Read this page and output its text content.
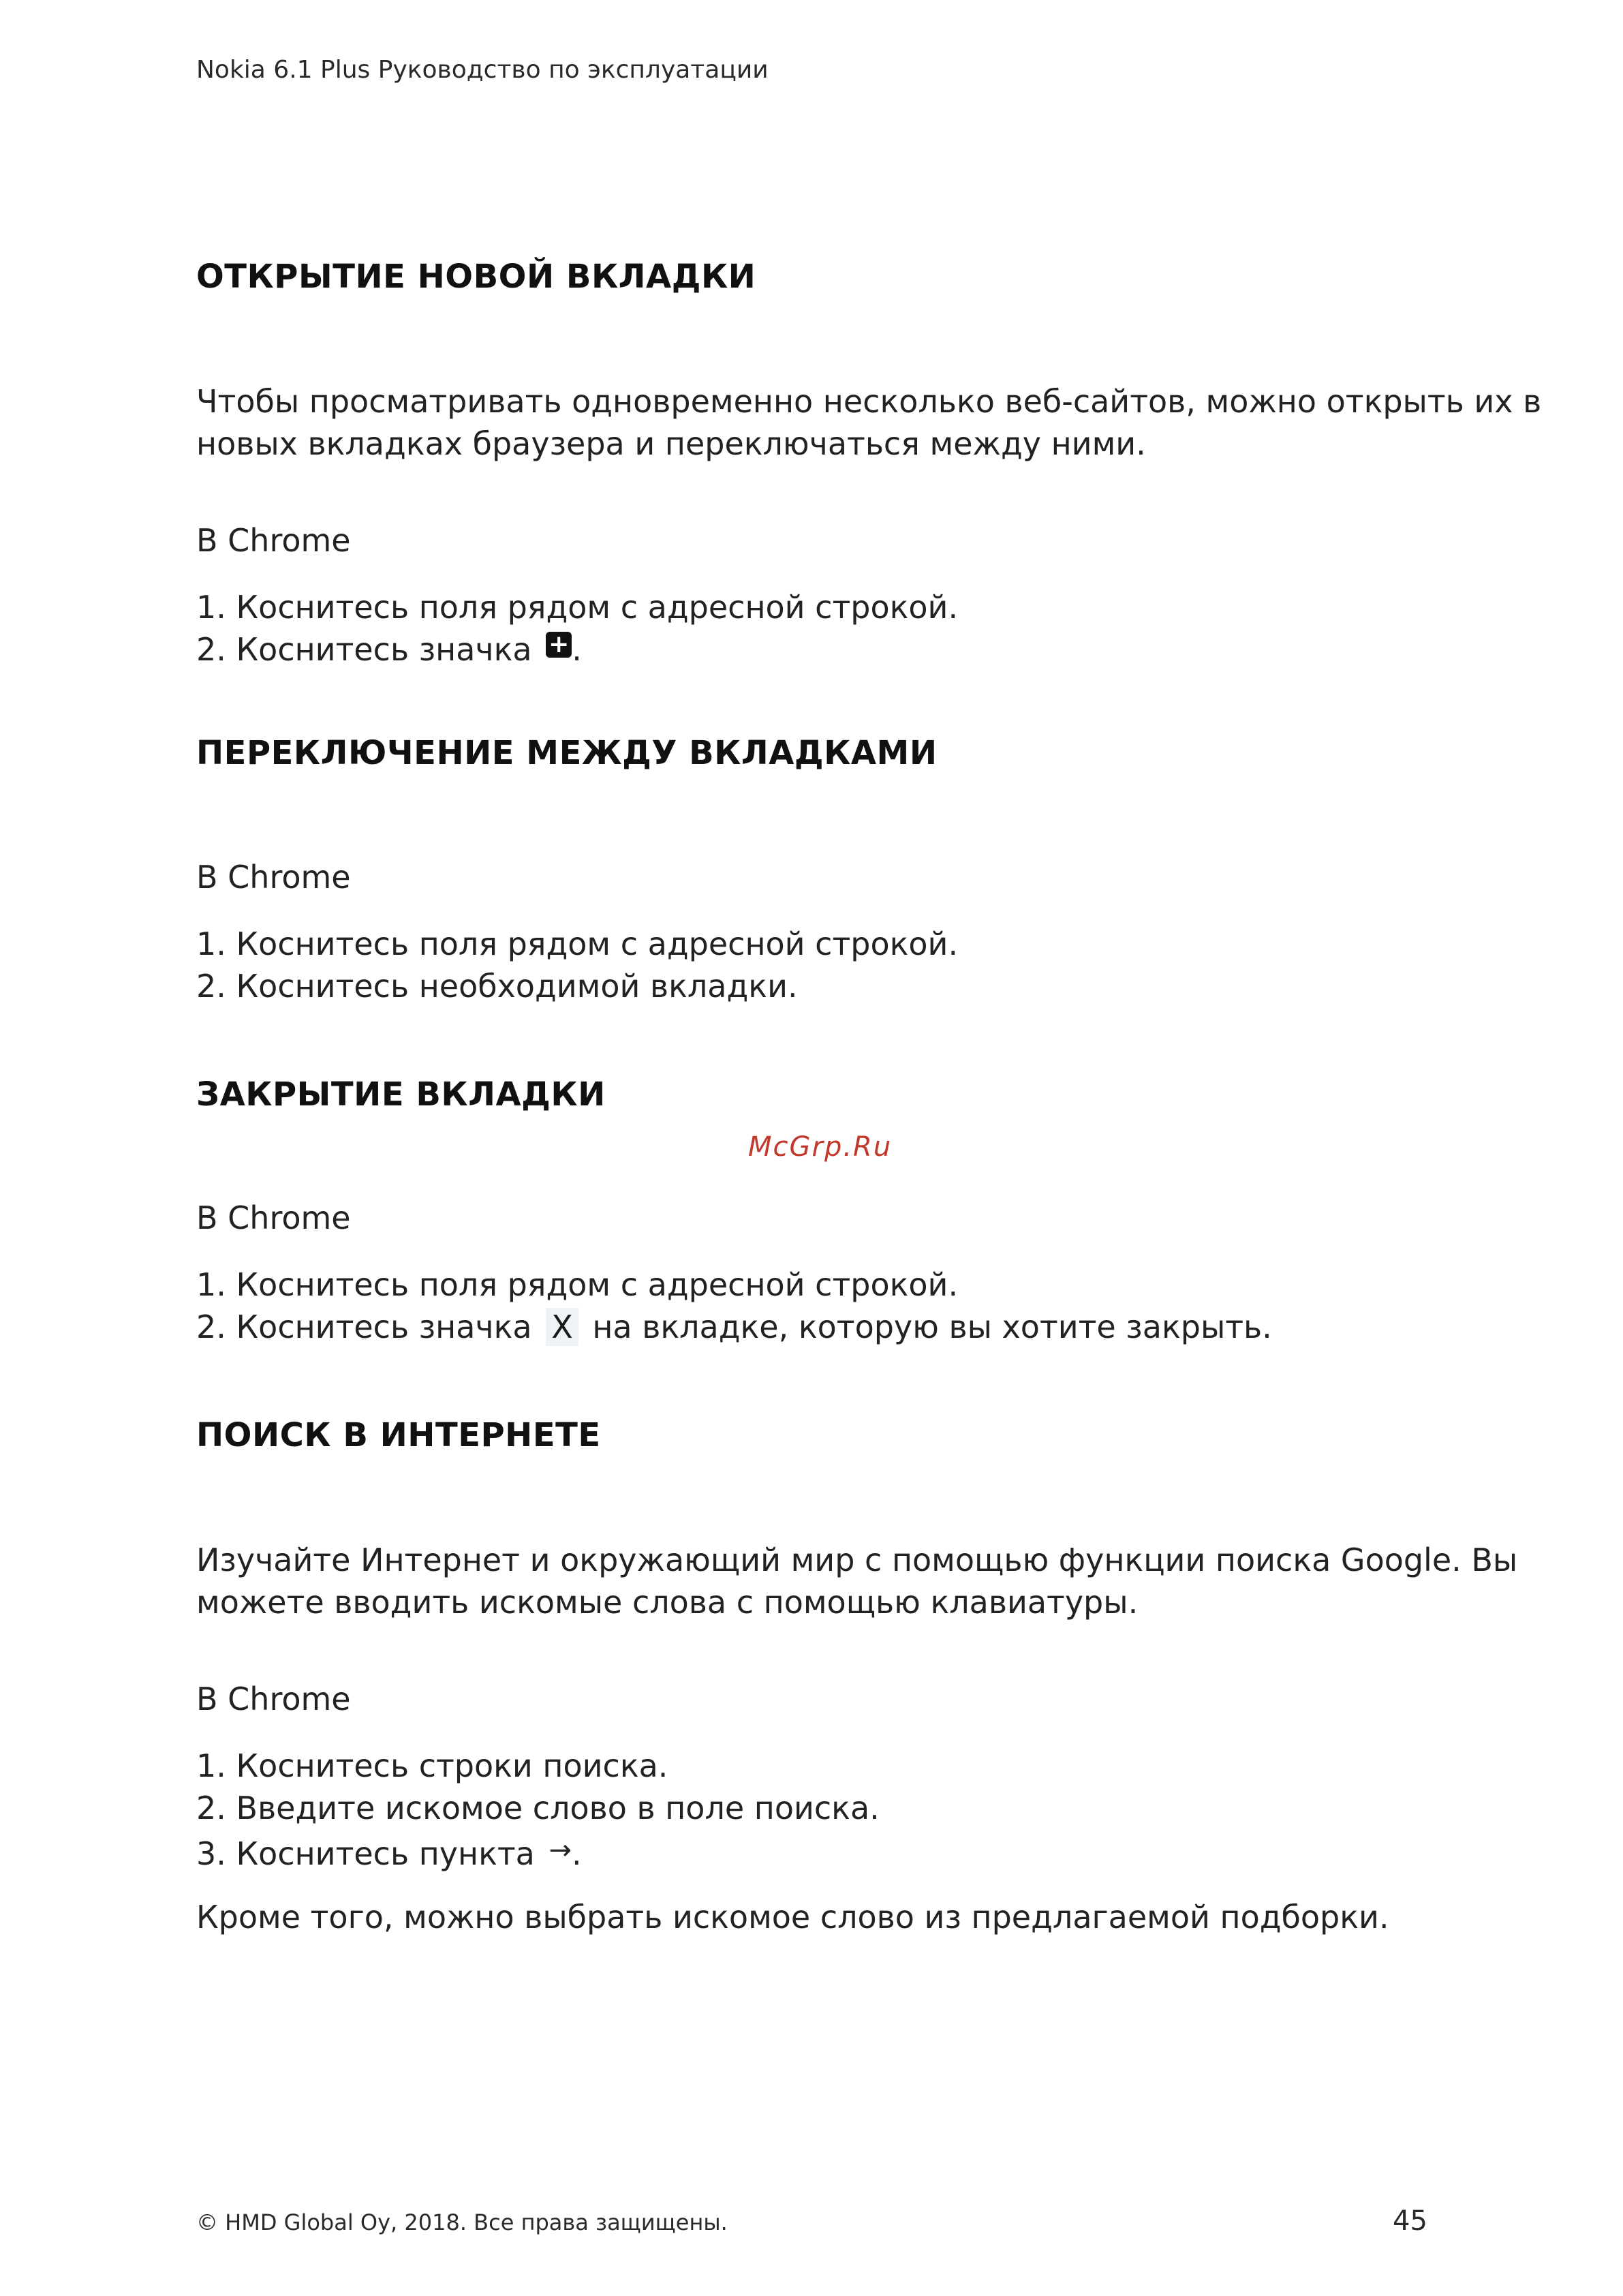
Nokia 6.1 Plus Руководство по эксплуатации
ОТКРЫТИЕ НОВОЙ ВКЛАДКИ
Чтобы просматривать одновременно несколько веб-сайтов, можно открыть их в
новых вкладках браузера и переключаться между ними.
В Chrome
1. Коснитесь поля рядом с адресной строкой.
2. Коснитесь значка +.
ПЕРЕКЛЮЧЕНИЕ МЕЖДУ ВКЛАДКАМИ
В Chrome
1. Коснитесь поля рядом с адресной строкой.
2. Коснитесь необходимой вкладки.
ЗАКРЫТИЕ ВКЛАДКИ
McGrp.Ru
В Chrome
1. Коснитесь поля рядом с адресной строкой.
2. Коснитесь значка X на вкладке, которую вы хотите закрыть.
ПОИСК В ИНТЕРНЕТЕ
Изучайте Интернет и окружающий мир с помощью функции поиска Google. Вы
можете вводить искомые слова с помощью клавиатуры.
В Chrome
1. Коснитесь строки поиска.
2. Введите искомое слово в поле поиска.
3. Коснитесь пункта →.
Кроме того, можно выбрать искомое слово из предлагаемой подборки.
© HMD Global Oy, 2018. Все права защищены.	45
